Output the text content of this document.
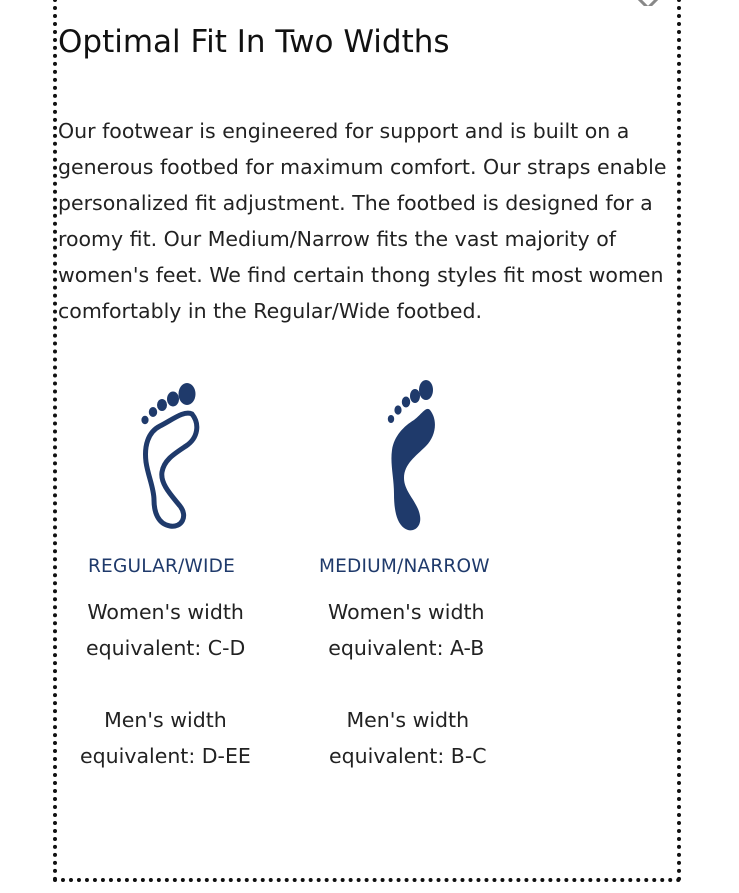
Optimal Fit In Two Widths

Our footwear is engineered for support and is built on a
generous footbed for maximum comfort. Our straps enable
personalized fit adjustment. The footbed is designed for a
roomy fit. Our Medium/Narrow fits the vast majority of
women's feet. We find certain thong styles fit most women
comfortably in the Regular/Wide footbed.

REGULAR/WIDE
Women's width
equivalent: C-D
Men's width
equivalent: D-EE
MEDIUM/NARROW
Women's width
equivalent: A-B
Men's width
equivalent: B-C
